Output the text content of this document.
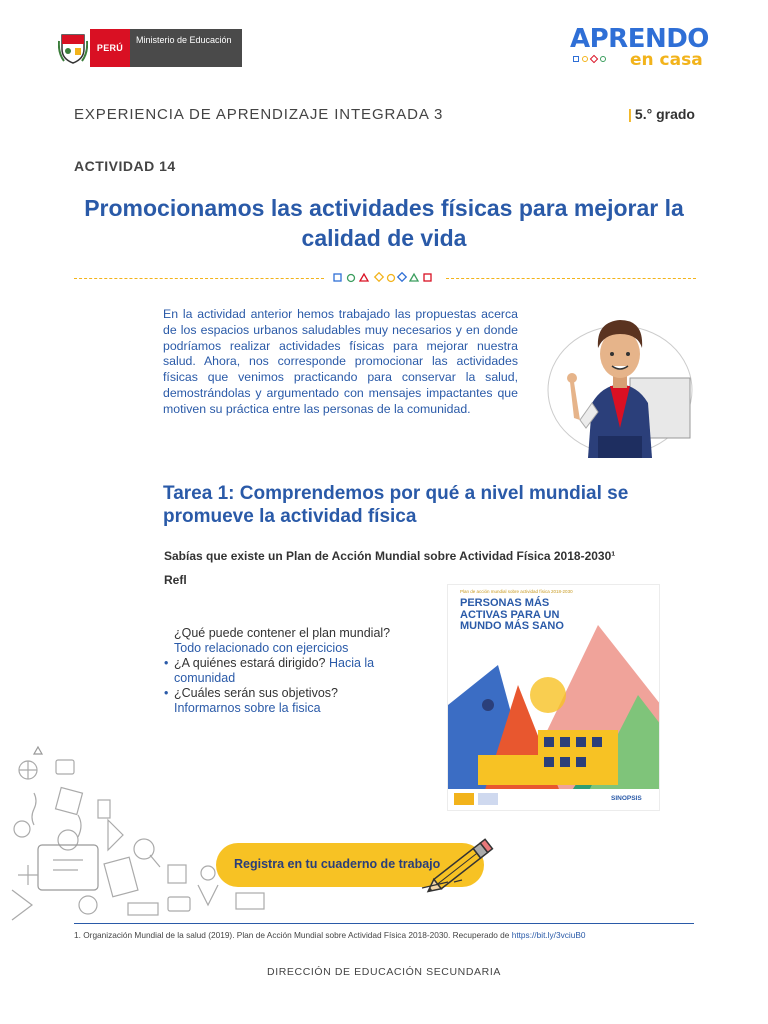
PERÚ
Ministerio de Educación	APRENDO
en casa
EXPERIENCIA DE APRENDIZAJE INTEGRADA 3	| 5.° grado
ACTIVIDAD 14
Promocionamos las actividades físicas para mejorar la calidad de vida
En la actividad anterior hemos trabajado las propuestas acerca de los espacios urbanos saludables muy necesarios y en donde podríamos realizar actividades físicas para mejorar nuestra salud. Ahora, nos corresponde promocionar las actividades físicas que venimos practicando para conservar la salud, demostrándolas y argumentado con mensajes impactantes que motiven su práctica entre las personas de la comunidad.
Tarea 1: Comprendemos por qué a nivel mundial se promueve la actividad física
Sabías que existe un Plan de Acción Mundial sobre Actividad Física 2018-2030¹
Refl
¿Qué puede contener el plan mundial?
Todo relacionado con ejercicios
• ¿A quiénes estará dirigido? Hacia la comunidad
• ¿Cuáles serán sus objetivos?
Informarnos sobre la fisica
Plan de acción mundial sobre actividad física 2018-2030
PERSONAS MÁS ACTIVAS PARA UN MUNDO MÁS SANO
SINOPSIS
Registra en tu cuaderno de trabajo
1. Organización Mundial de la salud (2019). Plan de Acción Mundial sobre Actividad Física 2018-2030. Recuperado de https://bit.ly/3vciuB0
DIRECCIÓN DE EDUCACIÓN SECUNDARIA
